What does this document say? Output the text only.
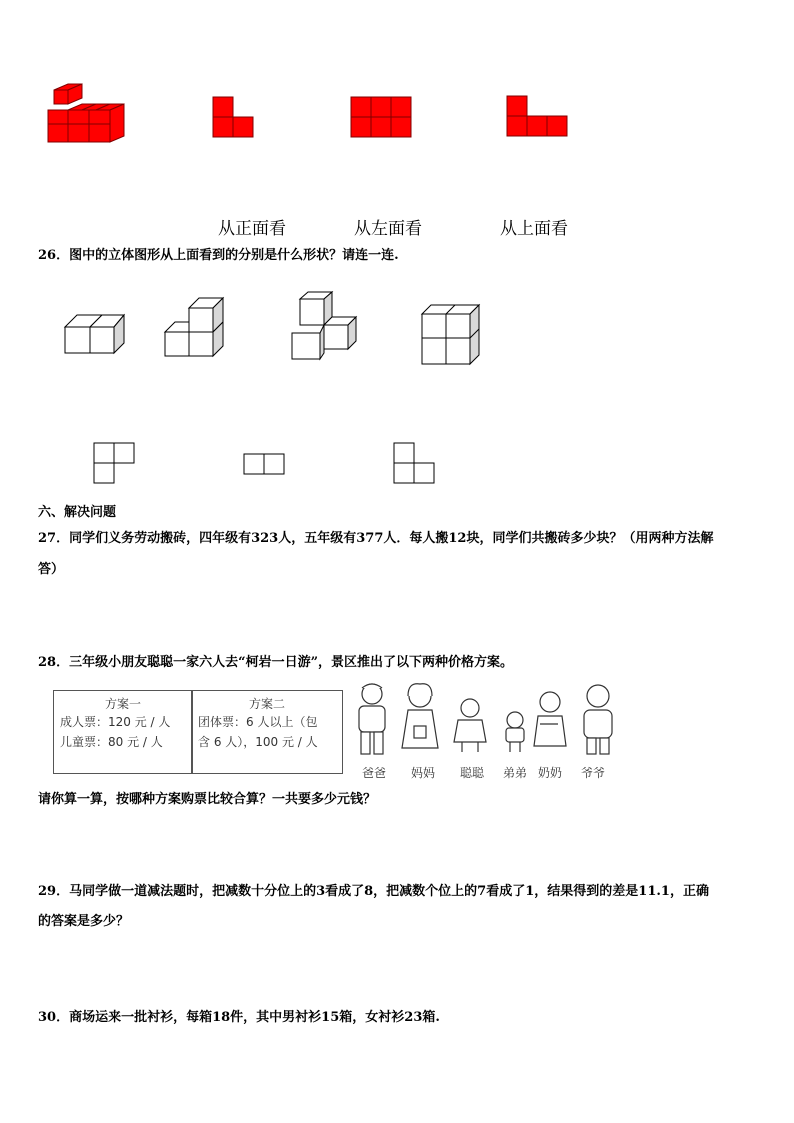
从正面看	从左面看	从上面看
26．图中的立体图形从上面看到的分别是什么形状？请连一连.
六、解决问题
27．同学们义务劳动搬砖，四年级有323人，五年级有377人．每人搬12块，同学们共搬砖多少块？（用两种方法解
答）
28．三年级小朋友聪聪一家六人去“柯岩一日游”，景区推出了以下两种价格方案。
方案一
成人票：120 元 / 人
儿童票：80 元 / 人
方案二
团体票：6 人以上（包
含 6 人），100 元 / 人
爸爸 妈妈 聪聪 弟弟 奶奶 爷爷
请你算一算，按哪种方案购票比较合算？一共要多少元钱？
29．马同学做一道减法题时，把减数十分位上的3看成了8，把减数个位上的7看成了1，结果得到的差是11.1，正确
的答案是多少？
30．商场运来一批衬衫，每箱18件，其中男衬衫15箱，女衬衫23箱.
